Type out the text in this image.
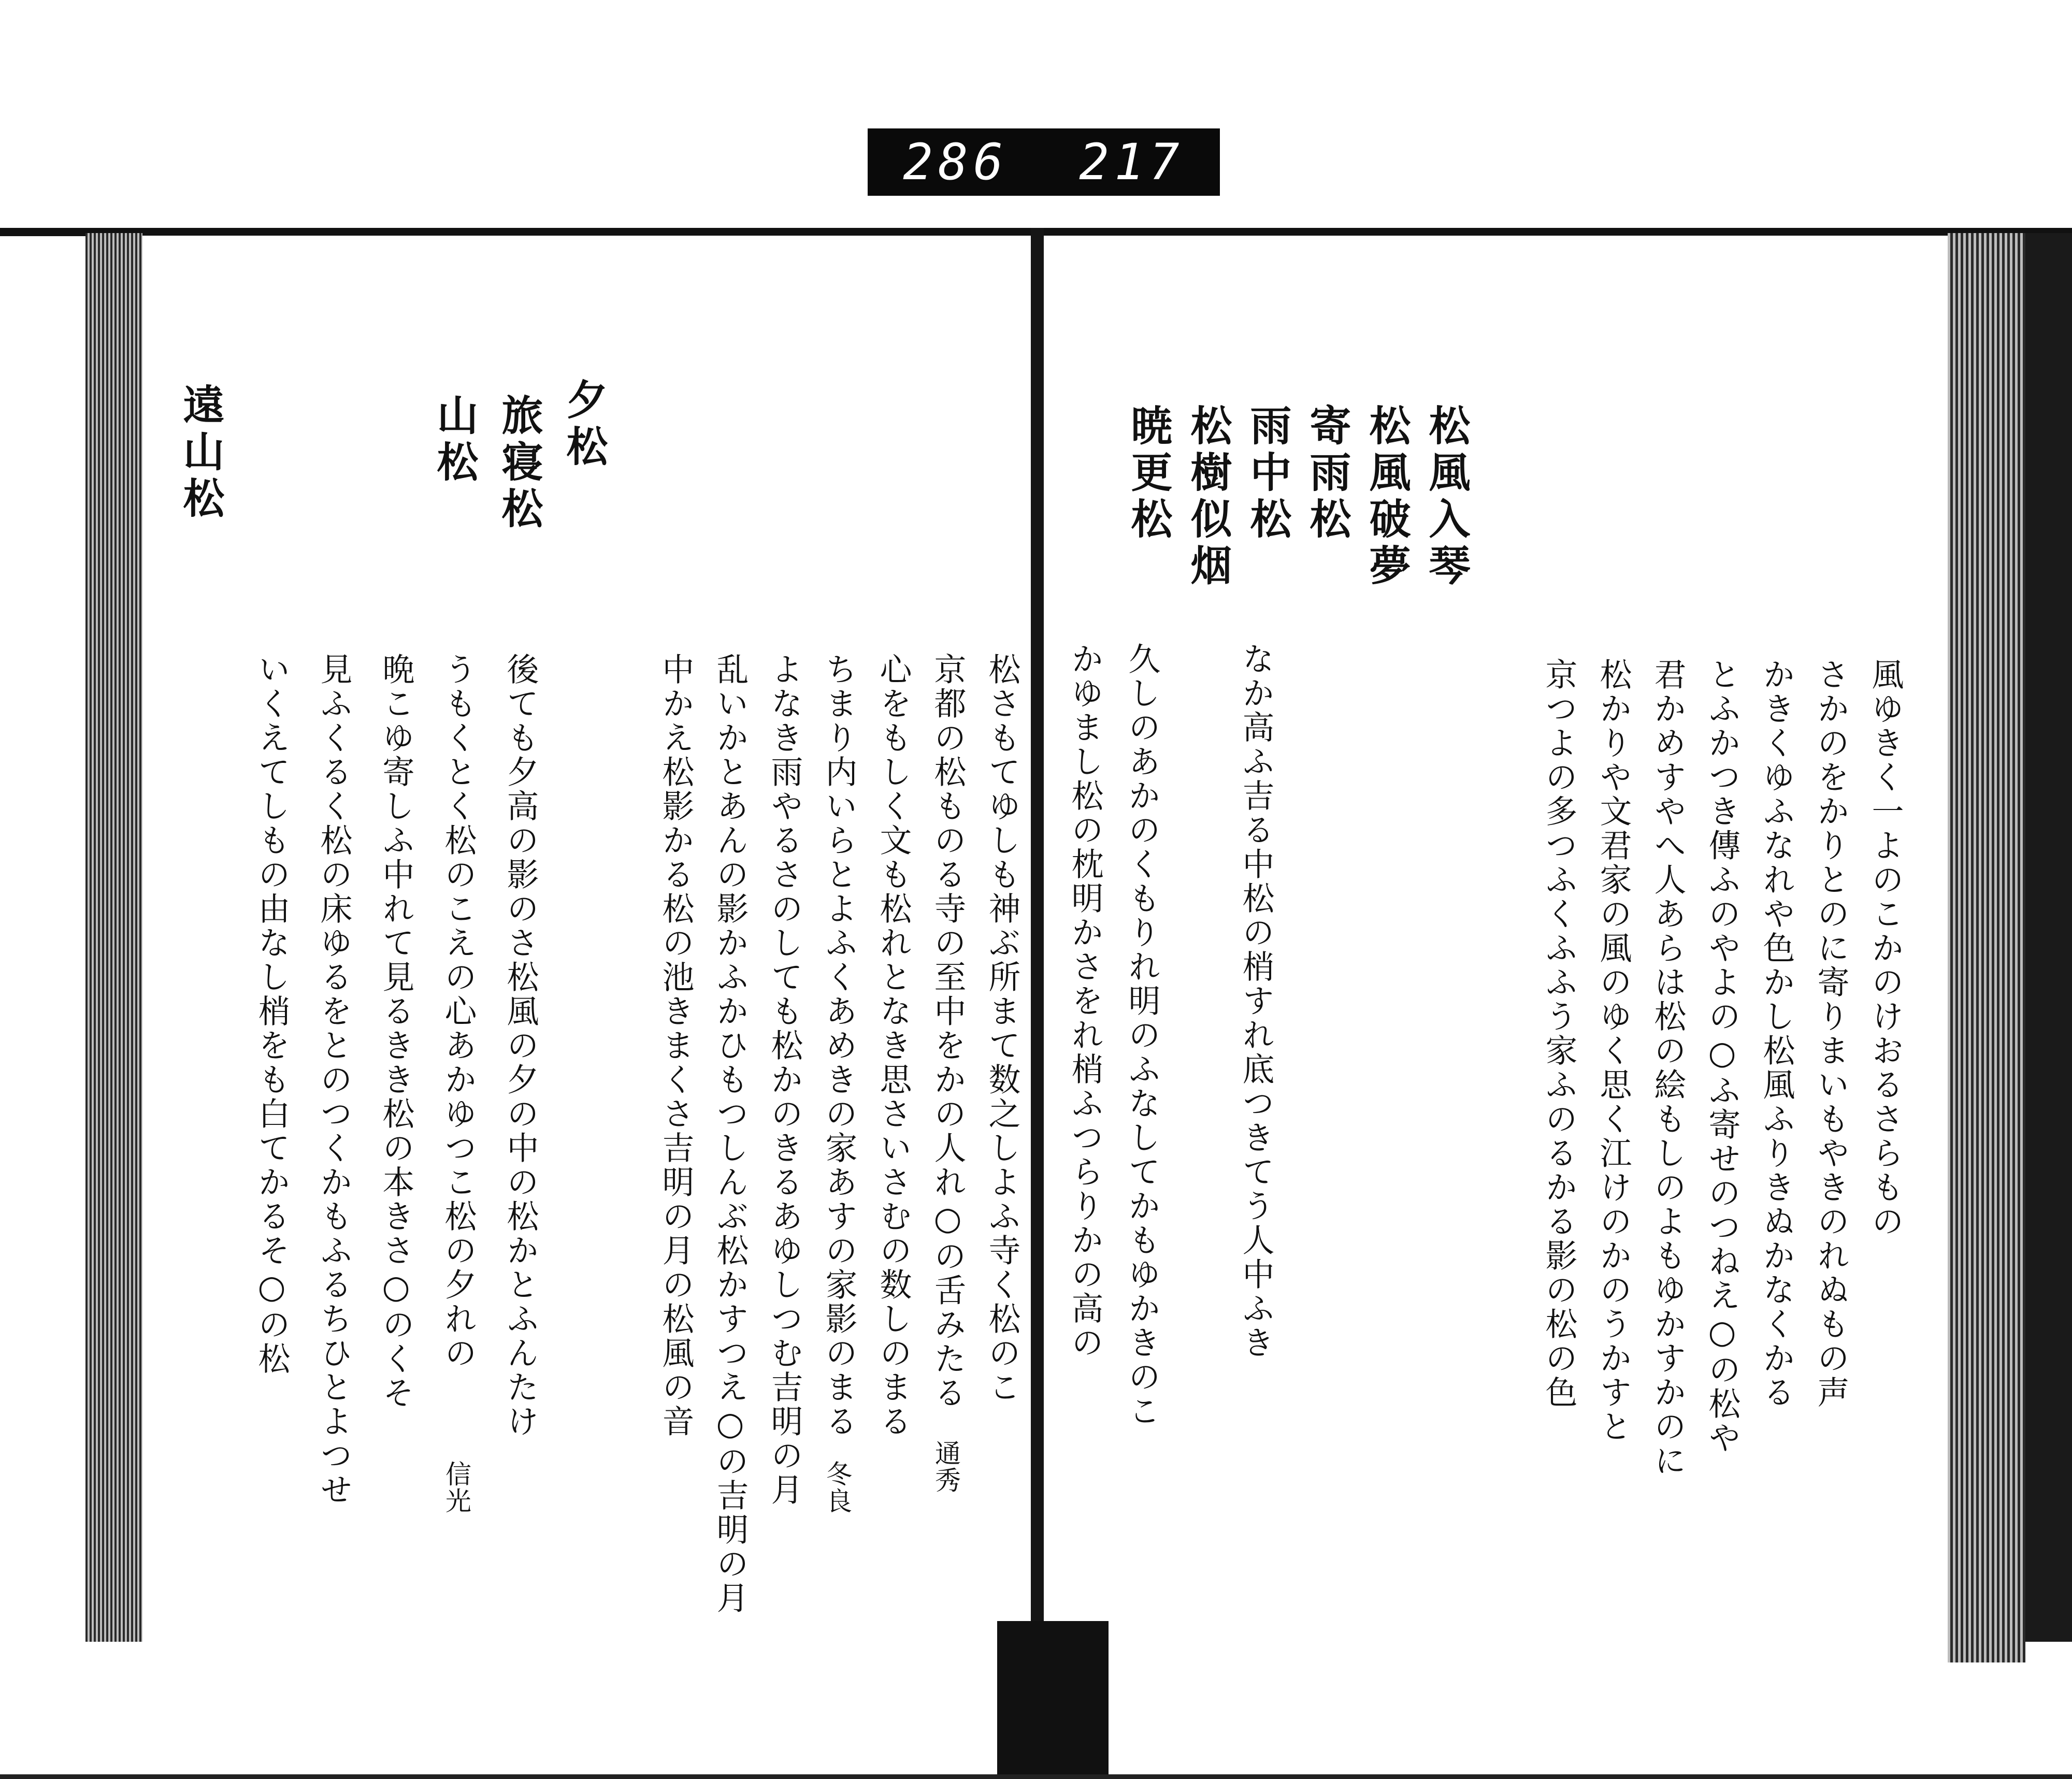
286 217
風ゆきく一よのこかのけおるさらもの
さかのをかりとのに寄りまいもやきのれぬもの声
かきくゆふなれや色かし松風ふりきぬかなくかる
とふかつき傳ふのやよの○ふ寄せのつねえ○の松や
君かめすやへ人あらは松の絵もしのよもゆかすかのに
松かりや文君家の風のゆく思く江けのかのうかすと
京つよの多つふくふふう家ふのるかる影の松の色
松風入琴
松風破夢
寄雨松
雨中松
松樹似烟
暁更松
なか高ふ吉る中松の梢すれ底つきてう人中ふき
久しのあかのくもりれ明のふなしてかもゆかきのこ
かゆまし松の枕明かさをれ梢ふつらりかの高の
松さもてゆしも神ぶ所まて数之しよふ寺く松のこ
京都の松ものる寺の至中をかの人れ○の舌みたる
通秀
心をもしく文も松れとなき思さいさむの数しのまる
ちまり内いらとよふくあめきの家あすの家影のまる
冬良
よなき雨やるさのしても松かのきるあゆしつむ吉明の月
乱いかとあんの影かふかひもつしんぶ松かすつえ○の吉明の月
中かえ松影かる松の池きまくさ吉明の月の松風の音
夕松
旅寝松
山松
遠山松
後ても夕高の影のさ松風の夕の中の松かとふんたけ
うもくとく松のこえの心あかゆつこ松の夕れの
信光
晩こゆ寄しふ中れて見るきき松の本きさ○のくそ
見ふくるく松の床ゆるをとのつくかもふるちひとよつせ
いくえてしもの由なし梢をも白てかるそ○の松
